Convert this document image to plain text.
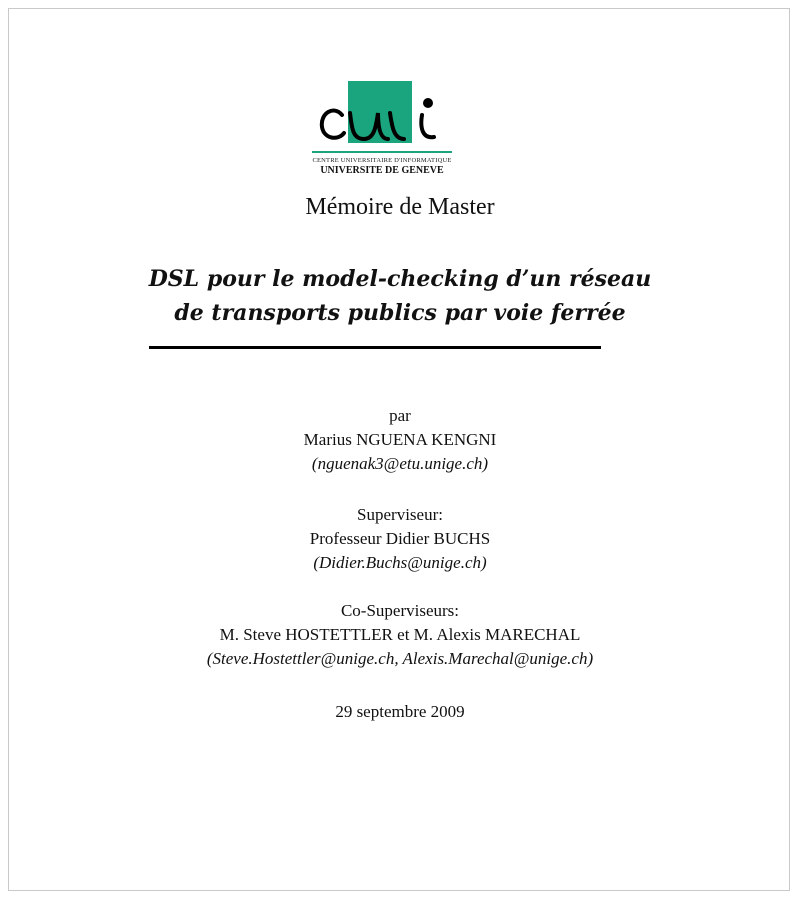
CENTRE UNIVERSITAIRE D'INFORMATIQUE
UNIVERSITE DE GENEVE
Mémoire de Master
DSL pour le model-checking d’un réseau
de transports publics par voie ferrée
par
Marius NGUENA KENGNI
(nguenak3@etu.unige.ch)
Superviseur:
Professeur Didier BUCHS
(Didier.Buchs@unige.ch)
Co-Superviseurs:
M. Steve HOSTETTLER et M. Alexis MARECHAL
(Steve.Hostettler@unige.ch, Alexis.Marechal@unige.ch)
29 septembre 2009
